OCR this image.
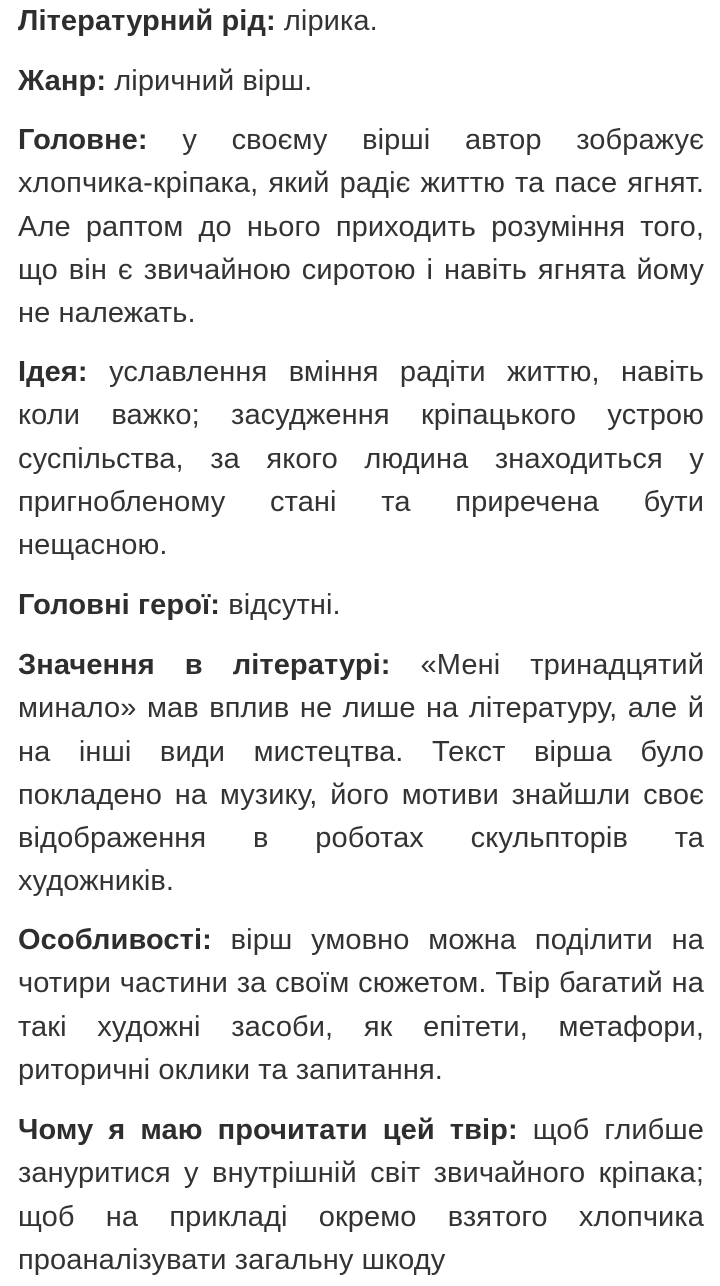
Літературний рід: лірика.

Жанр: ліричний вірш.

Головне: у своєму вірші автор зображує хлопчика-кріпака, який радіє життю та пасе ягнят. Але раптом до нього приходить розуміння того, що він є звичайною сиротою і навіть ягнята йому не належать.

Ідея: уславлення вміння радіти життю, навіть коли важко; засудження кріпацького устрою суспільства, за якого людина знаходиться у пригнобленому стані та приречена бути нещасною.

Головні герої: відсутні.

Значення в літературі: «Мені тринадцятий минало» мав вплив не лише на літературу, але й на інші види мистецтва. Текст вірша було покладено на музику, його мотиви знайшли своє відображення в роботах скульпторів та художників.

Особливості: вірш умовно можна поділити на чотири частини за своїм сюжетом. Твір багатий на такі художні засоби, як епітети, метафори, риторичні оклики та запитання.

Чому я маю прочитати цей твір: щоб глибше зануритися у внутрішній світ звичайного кріпака; щоб на прикладі окремо взятого хлопчика проаналізувати загальну шкоду
